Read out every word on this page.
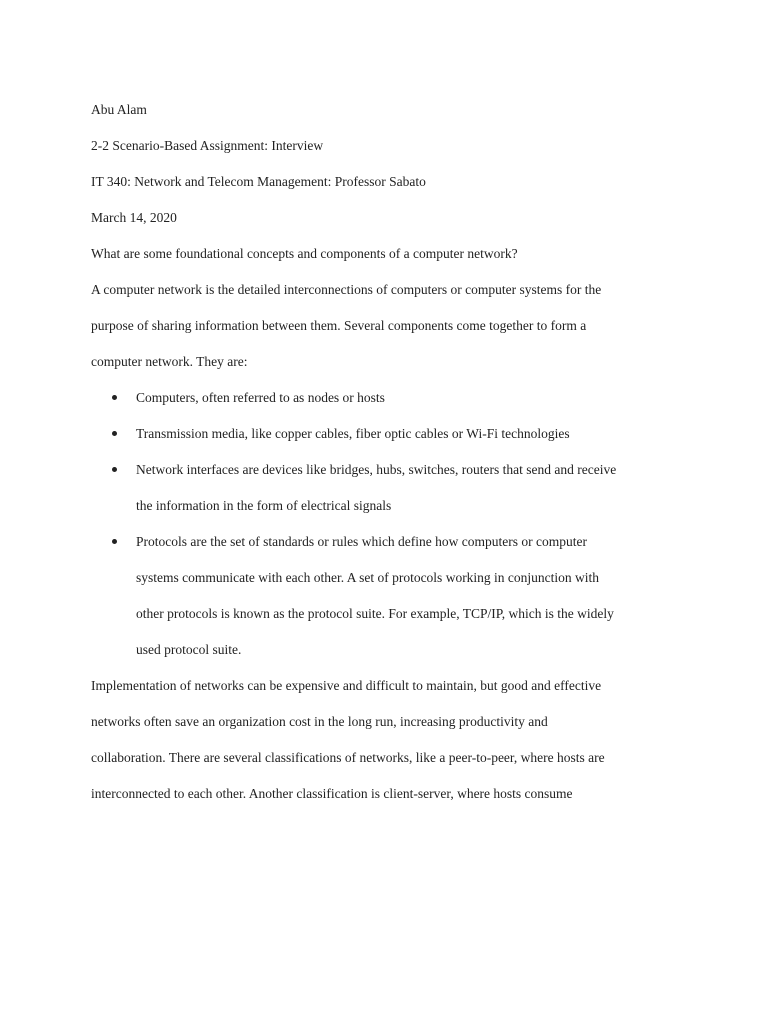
Abu Alam
2-2 Scenario-Based Assignment: Interview
IT 340: Network and Telecom Management: Professor Sabato
March 14, 2020
What are some foundational concepts and components of a computer network?
A computer network is the detailed interconnections of computers or computer systems for the
purpose of sharing information between them. Several components come together to form a
computer network. They are:
Computers, often referred to as nodes or hosts
Transmission media, like copper cables, fiber optic cables or Wi-Fi technologies
Network interfaces are devices like bridges, hubs, switches, routers that send and receive
the information in the form of electrical signals
Protocols are the set of standards or rules which define how computers or computer
systems communicate with each other. A set of protocols working in conjunction with
other protocols is known as the protocol suite. For example, TCP/IP, which is the widely
used protocol suite.
Implementation of networks can be expensive and difficult to maintain, but good and effective
networks often save an organization cost in the long run, increasing productivity and
collaboration. There are several classifications of networks, like a peer-to-peer, where hosts are
interconnected to each other. Another classification is client-server, where hosts consume
